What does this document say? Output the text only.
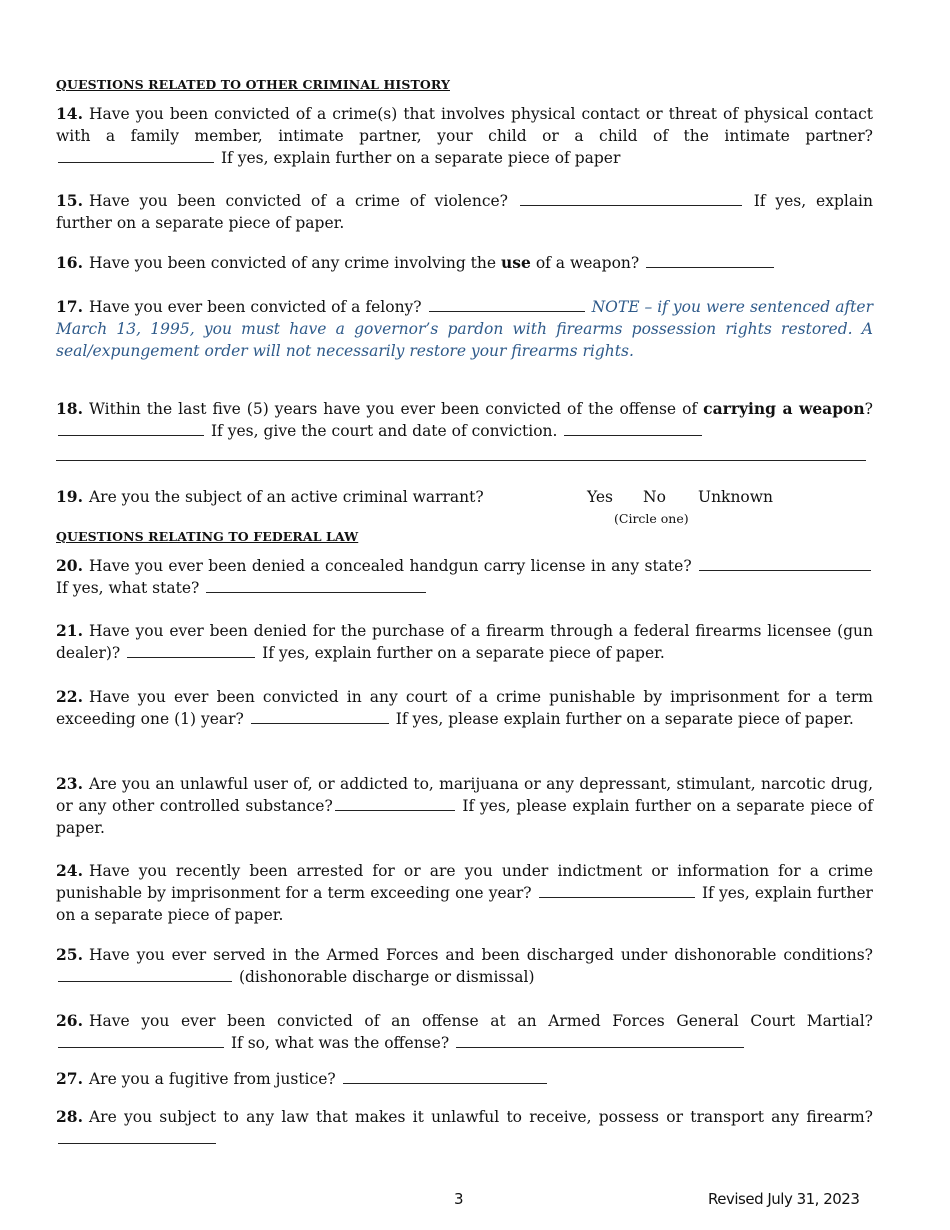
QUESTIONS RELATED TO OTHER CRIMINAL HISTORY
14. Have you been convicted of a crime(s) that involves physical contact or threat of physical contact with a family member, intimate partner, your child or a child of the intimate partner?  If yes, explain further on a separate piece of paper
15. Have you been convicted of a crime of violence?	If yes, explain further on a separate piece of paper.
16. Have you been convicted of any crime involving the use of a weapon?
17. Have you ever been convicted of a felony?	NOTE – if you were sentenced after March 13, 1995, you must have a governor’s pardon with firearms possession rights restored. A seal/expungement order will not necessarily restore your firearms rights.
18. Within the last five (5) years have you ever been convicted of the offense of carrying a weapon?  If yes, give the court and date of conviction.
19. Are you the subject of an active criminal warrant?	Yes No Unknown
(Circle one)
QUESTIONS RELATING TO FEDERAL LAW
20. Have you ever been denied a concealed handgun carry license in any state?  If yes, what state?
21. Have you ever been denied for the purchase of a firearm through a federal firearms licensee (gun dealer)?	If yes, explain further on a separate piece of paper.
22. Have you ever been convicted in any court of a crime punishable by imprisonment for a term exceeding one (1) year?	If yes, please explain further on a separate piece of paper.
23. Are you an unlawful user of, or addicted to, marijuana or any depressant, stimulant, narcotic drug, or any other controlled substance?	If yes, please explain further on a separate piece of paper.
24. Have you recently been arrested for or are you under indictment or information for a crime punishable by imprisonment for a term exceeding one year?	If yes, explain further on a separate piece of paper.
25. Have you ever served in the Armed Forces and been discharged under dishonorable conditions?  (dishonorable discharge or dismissal)
26. Have you ever been convicted of an offense at an Armed Forces General Court Martial?  If so, what was the offense?
27. Are you a fugitive from justice?
28. Are you subject to any law that makes it unlawful to receive, possess or transport any firearm?
3	Revised July 31, 2023
